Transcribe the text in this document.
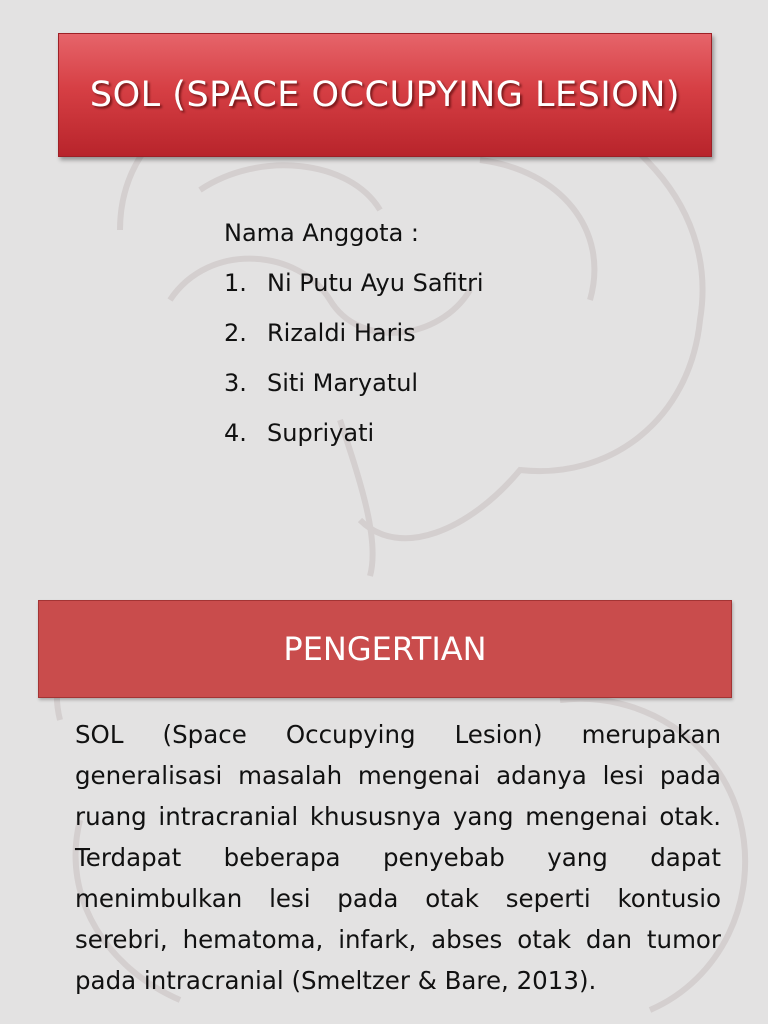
SOL (SPACE OCCUPYING LESION)
Nama Anggota :
1. Ni Putu Ayu Safitri
2. Rizaldi Haris
3. Siti Maryatul
4. Supriyati
PENGERTIAN

SOL (Space Occupying Lesion) merupakan generalisasi masalah mengenai adanya lesi pada ruang intracranial khususnya yang mengenai otak. Terdapat beberapa penyebab yang dapat menimbulkan lesi pada otak seperti kontusio serebri, hematoma, infark, abses otak dan tumor pada intracranial (Smeltzer & Bare, 2013).
